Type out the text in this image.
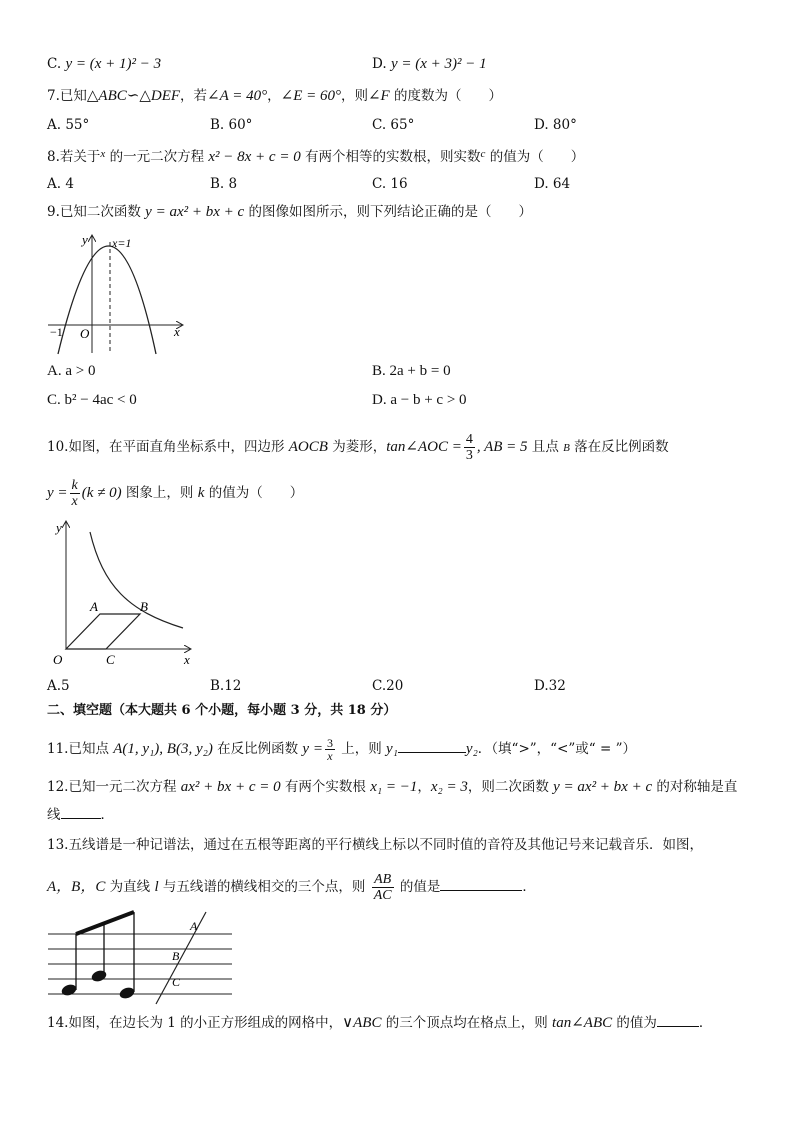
C. y = (x + 1)² − 3	D. y = (x + 3)² − 1
7.已知△ABC∽△DEF，若∠A = 40°，∠E = 60°，则∠F 的度数为（　　）
A. 55°	B. 60°	C. 65°	D. 80°
8.若关于$^x$ 的一元二次方程 x² − 8x + c = 0 有两个相等的实数根，则实数$^c$ 的值为（　　）
A. 4	B. 8	C. 16	D. 64
9.已知二次函数 y = ax² + bx + c 的图像如图所示，则下列结论正确的是（　　）
y x=1
x
−1 O
A. a > 0	B. 2a + b = 0
C. b² − 4ac < 0	D. a − b + c > 0
10.如图，在平面直角坐标系中，四边形 AOCB 为菱形，tan∠AOC = $\frac{4}{3}$ , AB = 5 且点 B 落在反比例函数
$y = \frac{k}{x} (k \ne 0)$ 图象上，则 k 的值为（　　）
y
x
O
A	B
C
A.5	B.12	C.20	D.32
二、填空题（本大题共 6 个小题，每小题 3 分，共 18 分）
11.已知点 A(1, y₁), B(3, y₂) 在反比例函数 $y = \frac{3}{x}$ 上，则 y₁	y₂．（填“>”，“<”或“ = ”）
12.已知一元二次方程 ax² + bx + c = 0 有两个实数根 x₁ = −1，x₂ = 3，则二次函数 y = ax² + bx + c 的对称轴是直
线	．
13.五线谱是一种记谱法，通过在五根等距离的平行横线上标以不同时值的音符及其他记号来记载音乐．如图，
A，B，C 为直线 l 与五线谱的横线相交的三个点，则 $\frac{AB}{AC}$ 的值是	．
A
B
C
14.如图，在边长为 1 的小正方形组成的网格中，∨ABC 的三个顶点均在格点上，则 tan∠ABC 的值为	．
